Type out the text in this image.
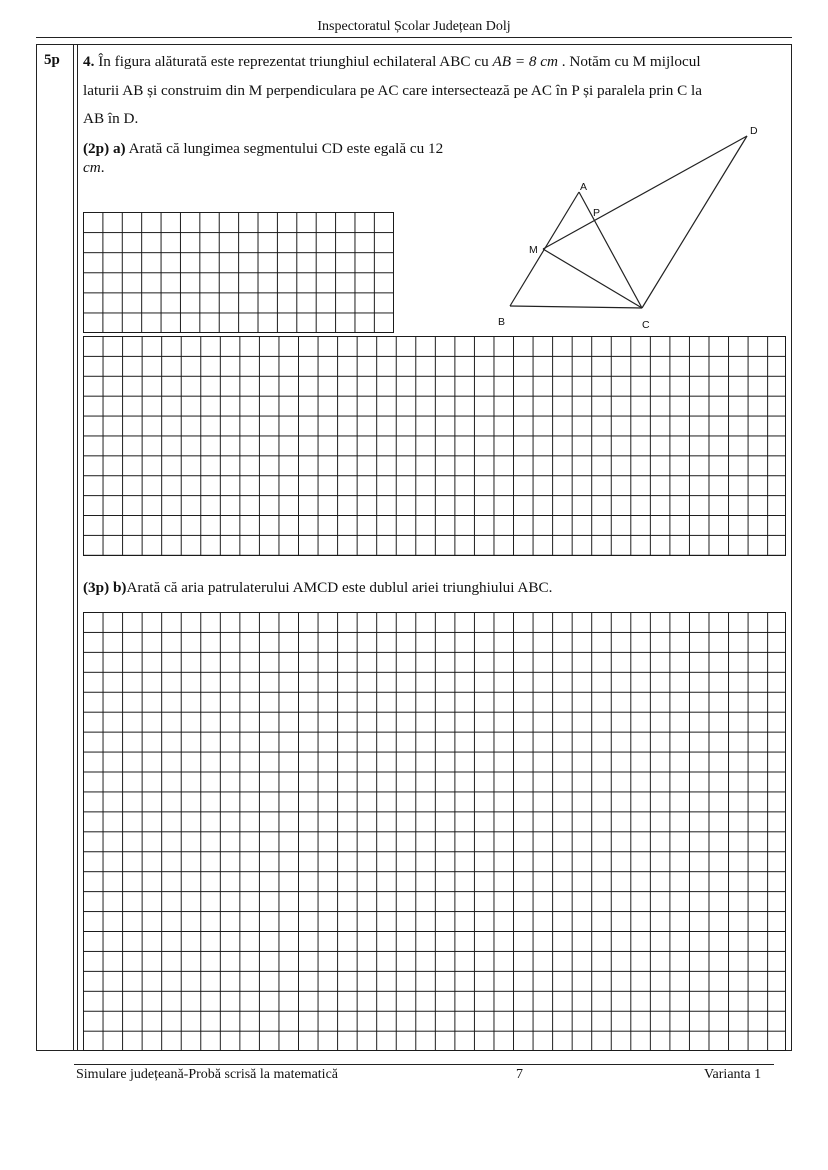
Inspectoratul Școlar Județean Dolj
5p 4. În figura alăturată este reprezentat triunghiul echilateral ABC cu AB = 8 cm . Notăm cu M mijlocul
laturii AB și construim din M perpendiculara pe AC care intersectează pe AC în P și paralela prin C la
AB în D.
(2p) a) Arată că lungimea segmentului CD este egală cu 12 cm.
A
P
M
B	C
D
(3p) b)Arată că aria patrulaterului AMCD este dublul ariei triunghiului ABC.
Simulare județeană-Probă scrisă la matematică	7	Varianta 1
